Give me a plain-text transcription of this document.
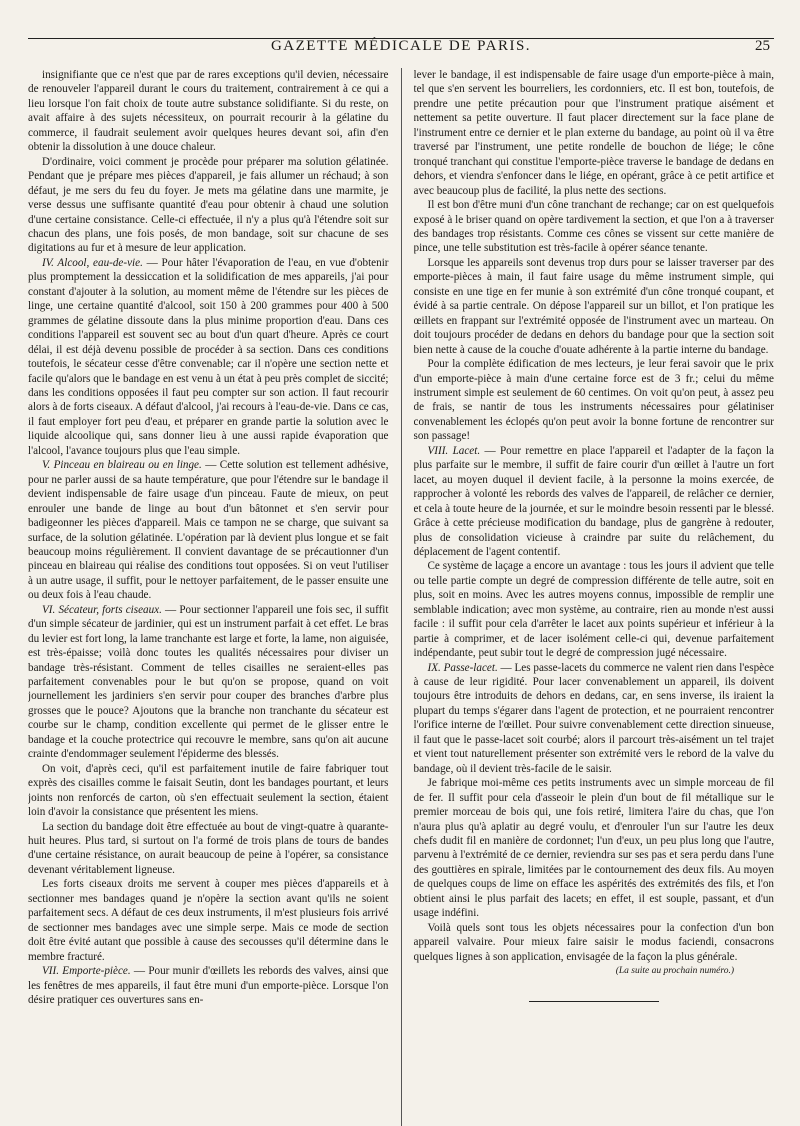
GAZETTE MÉDICALE DE PARIS.	25

insignifiante que ce n'est que par de rares exceptions qu'il devien, nécessaire de renouveler l'appareil durant le cours du traitement, contrairement à ce qui a lieu lorsque l'on fait choix de toute autre substance solidifiante. Si du reste, on avait affaire à des sujets nécessiteux, on pourrait recourir à la gélatine du commerce, il faudrait seulement avoir quelques heures devant soi, afin d'en obtenir la dissolution à une douce chaleur.

D'ordinaire, voici comment je procède pour préparer ma solution gélatinée. Pendant que je prépare mes pièces d'appareil, je fais allumer un réchaud; à son défaut, je me sers du feu du foyer. Je mets ma gélatine dans une marmite, je verse dessus une suffisante quantité d'eau pour obtenir à chaud une solution d'une certaine consistance. Celle-ci effectuée, il n'y a plus qu'à l'étendre soit sur chacun des plans, une fois posés, de mon bandage, soit sur chacune de ses digitations au fur et à mesure de leur application.

IV. Alcool, eau-de-vie. — Pour hâter l'évaporation de l'eau, en vue d'obtenir plus promptement la dessiccation et la solidification de mes appareils, j'ai pour constant d'ajouter à la solution, au moment même de l'étendre sur les pièces de linge, une certaine quantité d'alcool, soit 150 à 200 grammes pour 400 à 500 grammes de gélatine dissoute dans la plus minime proportion d'eau. Dans ces conditions l'appareil est souvent sec au bout d'un quart d'heure. Après ce court délai, il est déjà devenu possible de procéder à sa section. Dans ces conditions toutefois, le sécateur cesse d'être convenable; car il n'opère une section nette et facile qu'alors que le bandage en est venu à un état à peu près complet de siccité; dans les conditions opposées il faut peu compter sur son action. Il faut recourir alors à de forts ciseaux. A défaut d'alcool, j'ai recours à l'eau-de-vie. Dans ce cas, il faut employer fort peu d'eau, et préparer en grande partie la solution avec le liquide alcoolique qui, sans donner lieu à une aussi rapide évaporation que l'alcool, l'avance toujours plus que l'eau simple.

V. Pinceau en blaireau ou en linge. — Cette solution est tellement adhésive, pour ne parler aussi de sa haute température, que pour l'étendre sur le bandage il devient indispensable de faire usage d'un pinceau. Faute de mieux, on peut enrouler une bande de linge au bout d'un bâtonnet et s'en servir pour badigeonner les pièces d'appareil. Mais ce tampon ne se charge, que suivant sa surface, de la solution gélatinée. L'opération par là devient plus longue et se fait beaucoup moins régulièrement. Il convient davantage de se précautionner d'un pinceau en blaireau qui réalise des conditions tout opposées. Si on veut l'utiliser à un autre usage, il suffit, pour le nettoyer parfaitement, de le passer ensuite une ou deux fois à l'eau chaude.

VI. Sécateur, forts ciseaux. — Pour sectionner l'appareil une fois sec, il suffit d'un simple sécateur de jardinier, qui est un instrument parfait à cet effet. Le bras du levier est fort long, la lame tranchante est large et forte, la lame, non aiguisée, est très-épaisse; voilà donc toutes les qualités nécessaires pour diviser un bandage très-résistant. Comment de telles cisailles ne seraient-elles pas parfaitement convenables pour le but qu'on se propose, quand on voit journellement les jardiniers s'en servir pour couper des branches d'arbre plus grosses que le pouce? Ajoutons que la branche non tranchante du sécateur est courbe sur le champ, condition excellente qui permet de le glisser entre le bandage et la couche protectrice qui recouvre le membre, sans qu'on ait aucune crainte d'endommager seulement l'épiderme des blessés.

On voit, d'après ceci, qu'il est parfaitement inutile de faire fabriquer tout exprès des cisailles comme le faisait Seutin, dont les bandages pourtant, et leurs joints non renforcés de carton, où s'en effectuait seulement la section, étaient loin d'avoir la consistance que présentent les miens.

La section du bandage doit être effectuée au bout de vingt-quatre à quarante-huit heures. Plus tard, si surtout on l'a formé de trois plans de tours de bandes d'une certaine résistance, on aurait beaucoup de peine à l'opérer, sa consistance devenant véritablement ligneuse.

Les forts ciseaux droits me servent à couper mes pièces d'appareils et à sectionner mes bandages quand je n'opère la section avant qu'ils ne soient parfaitement secs. A défaut de ces deux instruments, il m'est plusieurs fois arrivé de sectionner mes bandages avec une simple serpe. Mais ce mode de section doit être évité autant que possible à cause des secousses qu'il détermine dans le membre fracturé.

VII. Emporte-pièce. — Pour munir d'œillets les rebords des valves, ainsi que les fenêtres de mes appareils, il faut être muni d'un emporte-pièce. Lorsque l'on désire pratiquer ces ouvertures sans en-

lever le bandage, il est indispensable de faire usage d'un emporte-pièce à main, tel que s'en servent les bourreliers, les cordonniers, etc. Il est bon, toutefois, de prendre une petite précaution pour que l'instrument pratique aisément et nettement sa petite ouverture. Il faut placer directement sur la face plane de l'instrument entre ce dernier et le plan externe du bandage, au point où il va être traversé par l'instrument, une petite rondelle de bouchon de liége; le cône tronqué tranchant qui constitue l'emporte-pièce traverse le bandage de dedans en dehors, et viendra s'enfoncer dans le liége, en opérant, grâce à ce petit artifice et avec beaucoup plus de facilité, la plus nette des sections.

Il est bon d'être muni d'un cône tranchant de rechange; car on est quelquefois exposé à le briser quand on opère tardivement la section, et que l'on a à traverser des bandages trop résistants. Comme ces cônes se vissent sur cette manière de pince, une telle substitution est très-facile à opérer séance tenante.

Lorsque les appareils sont devenus trop durs pour se laisser traverser par des emporte-pièces à main, il faut faire usage du même instrument simple, qui consiste en une tige en fer munie à son extrémité d'un cône tronqué coupant, et évidé à sa partie centrale. On dépose l'appareil sur un billot, et l'on pratique les œillets en frappant sur l'extrémité opposée de l'instrument avec un marteau. On doit toujours procéder de dedans en dehors du bandage pour que la section soit bien nette à cause de la couche d'ouate adhérente à la partie interne du bandage.

Pour la complète édification de mes lecteurs, je leur ferai savoir que le prix d'un emporte-pièce à main d'une certaine force est de 3 fr.; celui du même instrument simple est seulement de 60 centimes. On voit qu'on peut, à assez peu de frais, se nantir de tous les instruments nécessaires pour gélatiniser convenablement les éclopés qu'on peut avoir la bonne fortune de rencontrer sur son passage!

VIII. Lacet. — Pour remettre en place l'appareil et l'adapter de la façon la plus parfaite sur le membre, il suffit de faire courir d'un œillet à l'autre un fort lacet, au moyen duquel il devient facile, à la personne la moins exercée, de rapprocher à volonté les rebords des valves de l'appareil, de relâcher ce dernier, et cela à toute heure de la journée, et sur le moindre besoin ressenti par le blessé. Grâce à cette précieuse modification du bandage, plus de gangrène à redouter, plus de consolidation vicieuse à craindre par suite du relâchement, du déplacement de l'agent contentif.

Ce système de laçage a encore un avantage : tous les jours il advient que telle ou telle partie compte un degré de compression différente de telle autre, soit en plus, soit en moins. Avec les autres moyens connus, impossible de remplir une semblable indication; avec mon système, au contraire, rien au monde n'est aussi facile : il suffit pour cela d'arrêter le lacet aux points supérieur et inférieur à la partie à comprimer, et de lacer isolément celle-ci qui, devenue parfaitement indépendante, peut subir tout le degré de compression jugé nécessaire.

IX. Passe-lacet. — Les passe-lacets du commerce ne valent rien dans l'espèce à cause de leur rigidité. Pour lacer convenablement un appareil, ils doivent toujours être introduits de dehors en dedans, car, en sens inverse, ils iraient la plupart du temps s'égarer dans l'agent de protection, et ne pourraient rencontrer l'orifice interne de l'œillet. Pour suivre convenablement cette direction sinueuse, il faut que le passe-lacet soit courbé; alors il parcourt très-aisément un tel trajet et vient tout naturellement présenter son extrémité vers le rebord de la valve du bandage, où il devient très-facile de le saisir.

Je fabrique moi-même ces petits instruments avec un simple morceau de fil de fer. Il suffit pour cela d'asseoir le plein d'un bout de fil métallique sur le premier morceau de bois qui, une fois retiré, limitera l'aire du chas, que l'on n'aura plus qu'à aplatir au degré voulu, et d'enrouler l'un sur l'autre les deux chefs dudit fil en manière de cordonnet; l'un d'eux, un peu plus long que l'autre, parvenu à l'extrémité de ce dernier, reviendra sur ses pas et sera perdu dans l'une des gouttières en spirale, limitées par le contournement des deux fils. Au moyen de quelques coups de lime on efface les aspérités des extrémités des fils, et l'on obtient ainsi le plus parfait des lacets; en effet, il est souple, passant, et d'un usage indéfini.

Voilà quels sont tous les objets nécessaires pour la confection d'un bon appareil valvaire. Pour mieux faire saisir le modus faciendi, consacrons quelques lignes à son application, envisagée de la façon la plus générale.

(La suite au prochain numéro.)
